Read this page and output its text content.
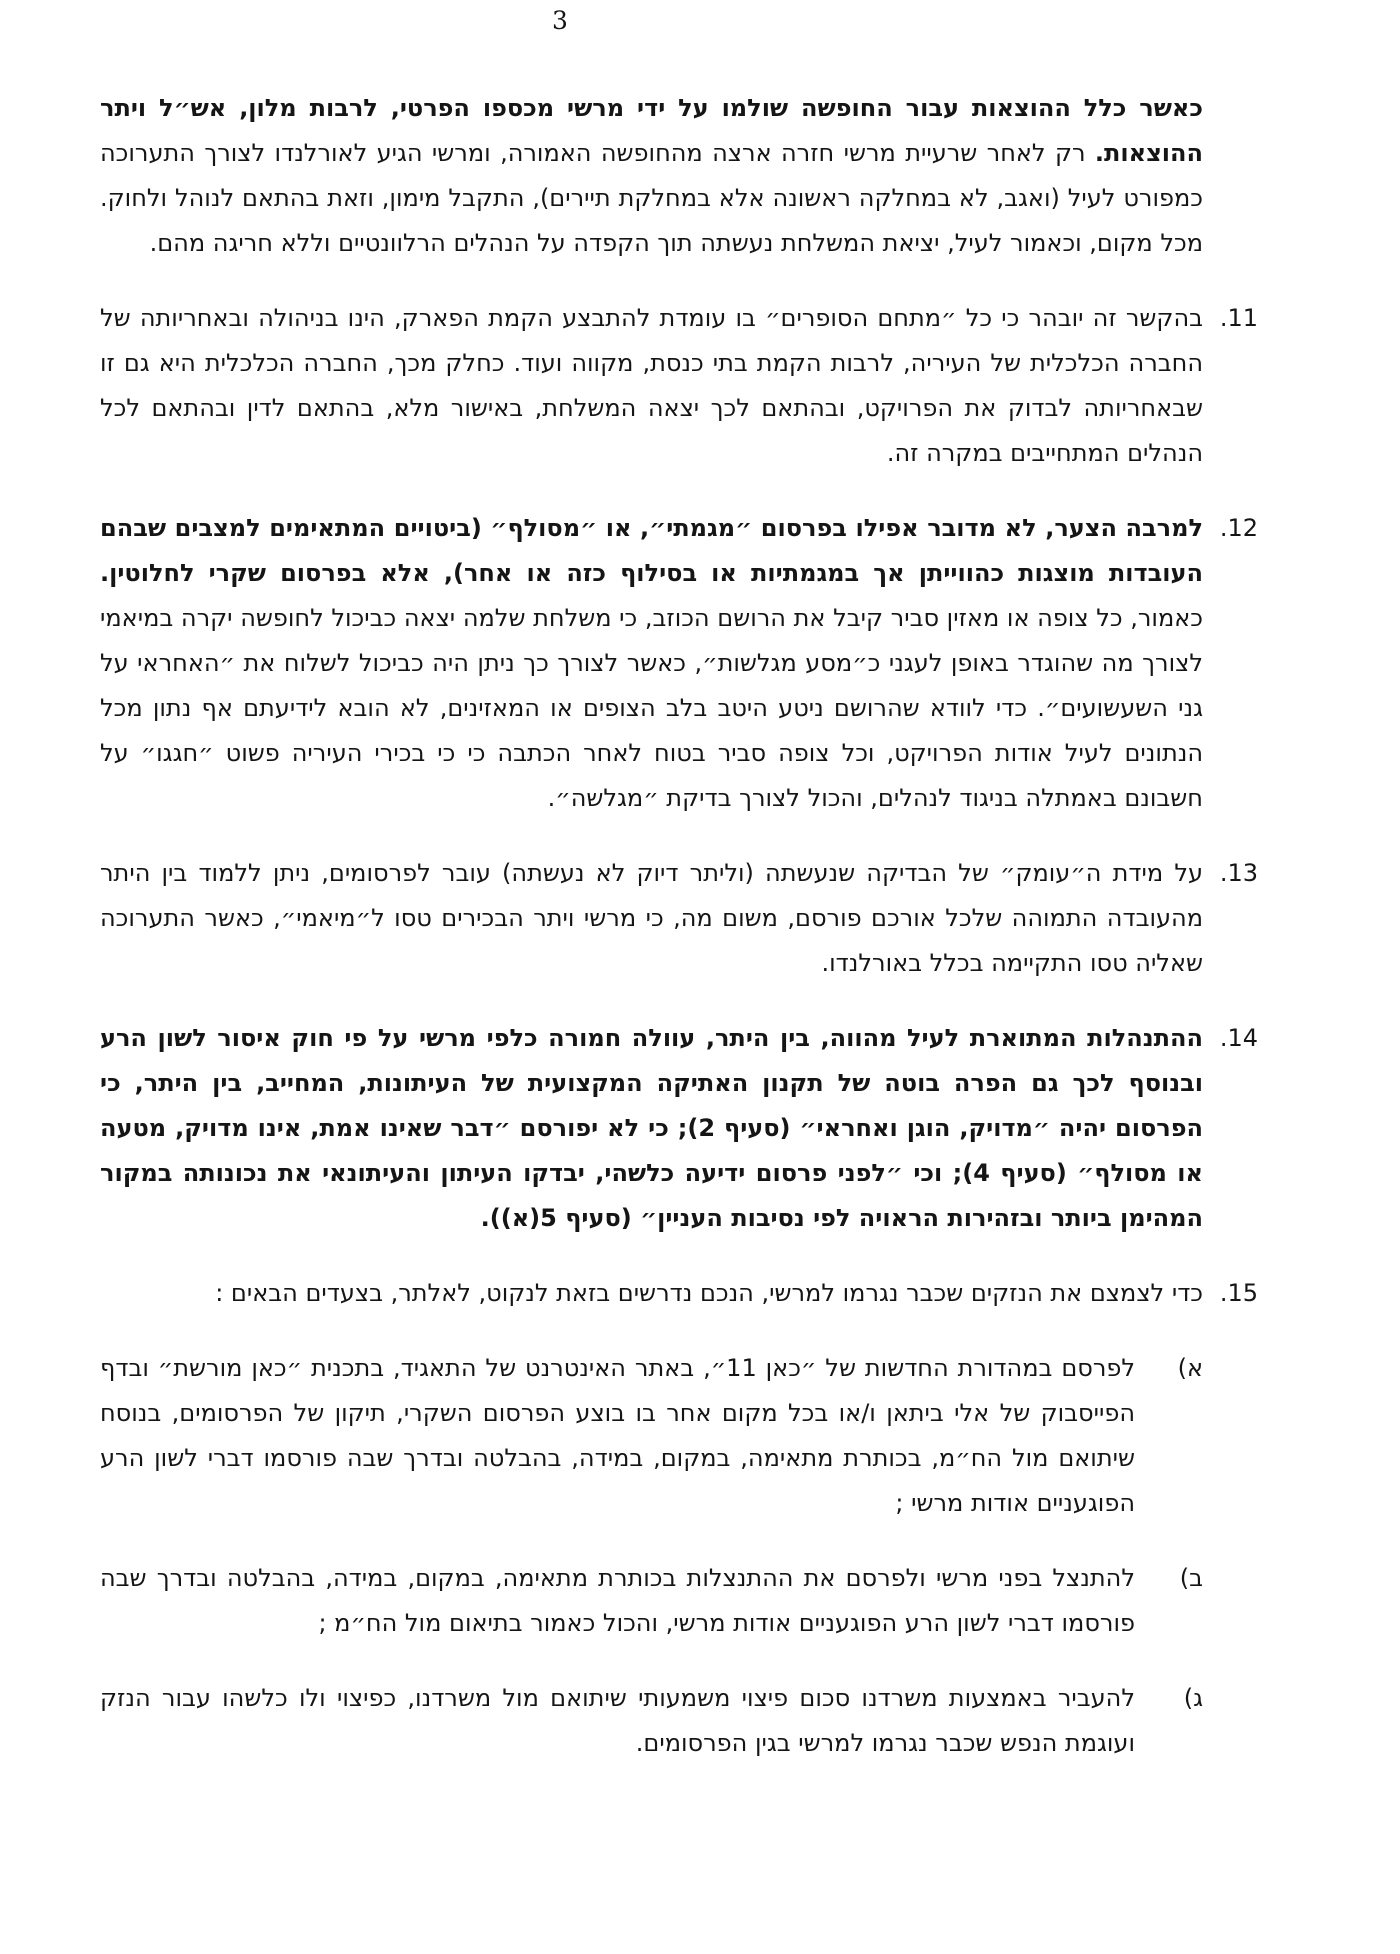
3

כאשר כלל ההוצאות עבור החופשה שולמו על ידי מרשי מכספו הפרטי, לרבות מלון, אש״ל ויתר ההוצאות. רק לאחר שרעיית מרשי חזרה ארצה מהחופשה האמורה, ומרשי הגיע לאורלנדו לצורך התערוכה כמפורט לעיל (ואגב, לא במחלקה ראשונה אלא במחלקת תיירים), התקבל מימון, וזאת בהתאם לנוהל ולחוק. מכל מקום, וכאמור לעיל, יציאת המשלחת נעשתה תוך הקפדה על הנהלים הרלוונטיים וללא חריגה מהם.

11.

בהקשר זה יובהר כי כל ״מתחם הסופרים״ בו עומדת להתבצע הקמת הפארק, הינו בניהולה ובאחריותה של החברה הכלכלית של העיריה, לרבות הקמת בתי כנסת, מקווה ועוד. כחלק מכך, החברה הכלכלית היא גם זו שבאחריותה לבדוק את הפרויקט, ובהתאם לכך יצאה המשלחת, באישור מלא, בהתאם לדין ובהתאם לכל הנהלים המתחייבים במקרה זה.

12.

למרבה הצער, לא מדובר אפילו בפרסום ״מגמתי״, או ״מסולף״ (ביטויים המתאימים למצבים שבהם העובדות מוצגות כהווייתן אך במגמתיות או בסילוף כזה או אחר), אלא בפרסום שקרי לחלוטין. כאמור, כל צופה או מאזין סביר קיבל את הרושם הכוזב, כי משלחת שלמה יצאה כביכול לחופשה יקרה במיאמי לצורך מה שהוגדר באופן לעגני כ״מסע מגלשות״, כאשר לצורך כך ניתן היה כביכול לשלוח את ״האחראי על גני השעשועים״. כדי לוודא שהרושם ניטע היטב בלב הצופים או המאזינים, לא הובא לידיעתם אף נתון מכל הנתונים לעיל אודות הפרויקט, וכל צופה סביר בטוח לאחר הכתבה כי כי בכירי העיריה פשוט ״חגגו״ על חשבונם באמתלה בניגוד לנהלים, והכול לצורך בדיקת ״מגלשה״.

13.

על מידת ה״עומק״ של הבדיקה שנעשתה (וליתר דיוק לא נעשתה) עובר לפרסומים, ניתן ללמוד בין היתר מהעובדה התמוהה שלכל אורכם פורסם, משום מה, כי מרשי ויתר הבכירים טסו ל״מיאמי״, כאשר התערוכה שאליה טסו התקיימה בכלל באורלנדו.

14.

ההתנהלות המתוארת לעיל מהווה, בין היתר, עוולה חמורה כלפי מרשי על פי חוק איסור לשון הרע ובנוסף לכך גם הפרה בוטה של תקנון האתיקה המקצועית של העיתונות, המחייב, בין היתר, כי הפרסום יהיה ״מדויק, הוגן ואחראי״ (סעיף 2); כי לא יפורסם ״דבר שאינו אמת, אינו מדויק, מטעה או מסולף״ (סעיף 4); וכי ״לפני פרסום ידיעה כלשהי, יבדקו העיתון והעיתונאי את נכונותה במקור המהימן ביותר ובזהירות הראויה לפי נסיבות העניין״ (סעיף 5(א)).

15.

כדי לצמצם את הנזקים שכבר נגרמו למרשי, הנכם נדרשים בזאת לנקוט, לאלתר, בצעדים הבאים :

א)

לפרסם במהדורת החדשות של ״כאן 11״, באתר האינטרנט של התאגיד, בתכנית ״כאן מורשת״ ובדף הפייסבוק של אלי ביתאן ו/או בכל מקום אחר בו בוצע הפרסום השקרי, תיקון של הפרסומים, בנוסח שיתואם מול הח״מ, בכותרת מתאימה, במקום, במידה, בהבלטה ובדרך שבה פורסמו דברי לשון הרע הפוגעניים אודות מרשי ;

ב)

להתנצל בפני מרשי ולפרסם את ההתנצלות בכותרת מתאימה, במקום, במידה, בהבלטה ובדרך שבה פורסמו דברי לשון הרע הפוגעניים אודות מרשי, והכול כאמור בתיאום מול הח״מ ;

ג)

להעביר באמצעות משרדנו סכום פיצוי משמעותי שיתואם מול משרדנו, כפיצוי ולו כלשהו עבור הנזק ועוגמת הנפש שכבר נגרמו למרשי בגין הפרסומים.
